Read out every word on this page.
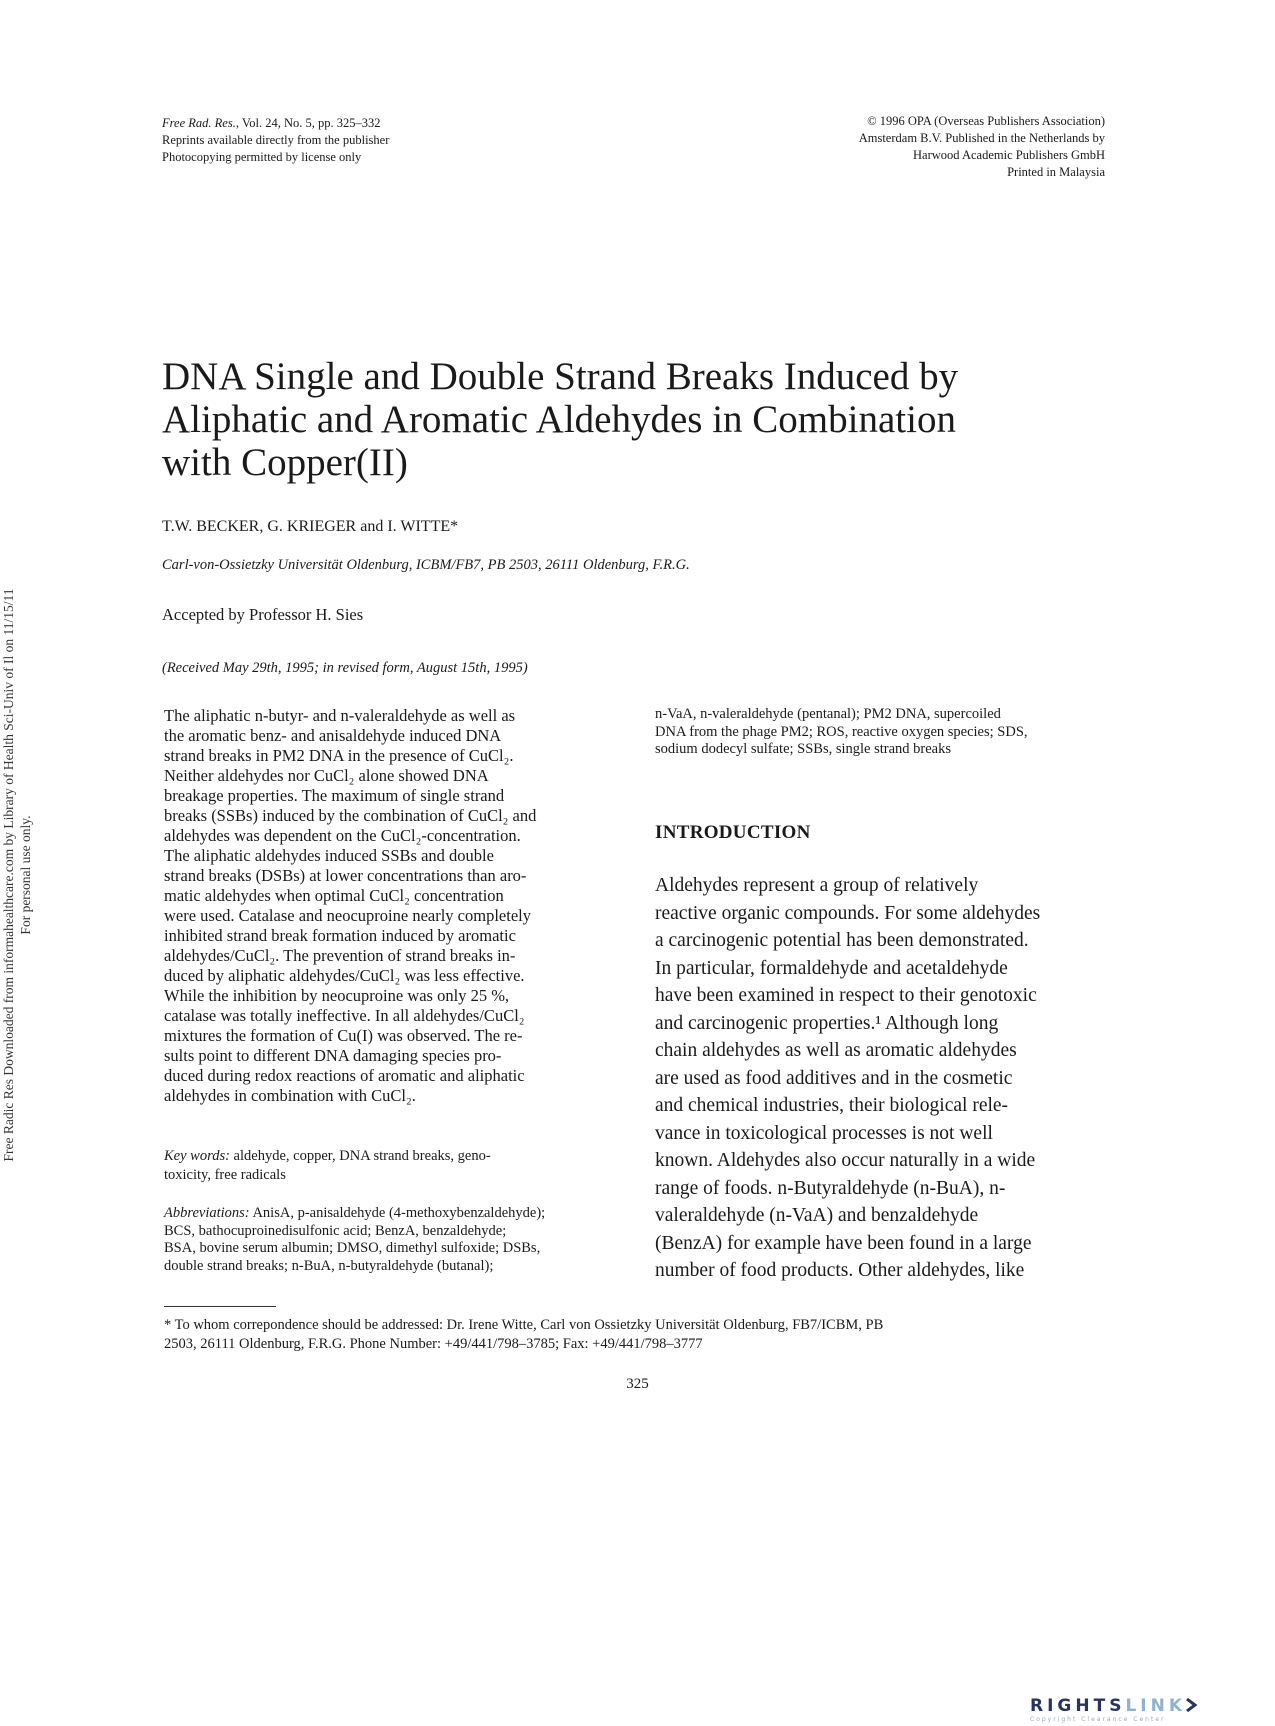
Free Radic Res Downloaded from informahealthcare.com by Library of Health Sci-Univ of Il on 11/15/11 For personal use only.
Free Rad. Res., Vol. 24, No. 5, pp. 325–332
Reprints available directly from the publisher
Photocopying permitted by license only
© 1996 OPA (Overseas Publishers Association)
Amsterdam B.V. Published in the Netherlands by
Harwood Academic Publishers GmbH
Printed in Malaysia
DNA Single and Double Strand Breaks Induced by
Aliphatic and Aromatic Aldehydes in Combination
with Copper(II)
T.W. BECKER, G. KRIEGER and I. WITTE*
Carl-von-Ossietzky Universität Oldenburg, ICBM/FB7, PB 2503, 26111 Oldenburg, F.R.G.
Accepted by Professor H. Sies
(Received May 29th, 1995; in revised form, August 15th, 1995)
The aliphatic n-butyr- and n-valeraldehyde as well as
the aromatic benz- and anisaldehyde induced DNA
strand breaks in PM2 DNA in the presence of CuCl₂.
Neither aldehydes nor CuCl₂ alone showed DNA
breakage properties. The maximum of single strand
breaks (SSBs) induced by the combination of CuCl₂ and
aldehydes was dependent on the CuCl₂-concentration.
The aliphatic aldehydes induced SSBs and double
strand breaks (DSBs) at lower concentrations than aro-
matic aldehydes when optimal CuCl₂ concentration
were used. Catalase and neocuproine nearly completely
inhibited strand break formation induced by aromatic
aldehydes/CuCl₂. The prevention of strand breaks in-
duced by aliphatic aldehydes/CuCl₂ was less effective.
While the inhibition by neocuproine was only 25 %,
catalase was totally ineffective. In all aldehydes/CuCl₂
mixtures the formation of Cu(I) was observed. The re-
sults point to different DNA damaging species pro-
duced during redox reactions of aromatic and aliphatic
aldehydes in combination with CuCl₂.
Key words: aldehyde, copper, DNA strand breaks, geno-
toxicity, free radicals
Abbreviations: AnisA, p-anisaldehyde (4-methoxybenzaldehyde);
BCS, bathocuproinedisulfonic acid; BenzA, benzaldehyde;
BSA, bovine serum albumin; DMSO, dimethyl sulfoxide; DSBs,
double strand breaks; n-BuA, n-butyraldehyde (butanal);
n-VaA, n-valeraldehyde (pentanal); PM2 DNA, supercoiled
DNA from the phage PM2; ROS, reactive oxygen species; SDS,
sodium dodecyl sulfate; SSBs, single strand breaks
INTRODUCTION
Aldehydes represent a group of relatively
reactive organic compounds. For some aldehydes
a carcinogenic potential has been demonstrated.
In particular, formaldehyde and acetaldehyde
have been examined in respect to their genotoxic
and carcinogenic properties.¹ Although long
chain aldehydes as well as aromatic aldehydes
are used as food additives and in the cosmetic
and chemical industries, their biological rele-
vance in toxicological processes is not well
known. Aldehydes also occur naturally in a wide
range of foods. n-Butyraldehyde (n-BuA), n-
valeraldehyde (n-VaA) and benzaldehyde
(BenzA) for example have been found in a large
number of food products. Other aldehydes, like
* To whom correpondence should be addressed: Dr. Irene Witte, Carl von Ossietzky Universität Oldenburg, FB7/ICBM, PB
2503, 26111 Oldenburg, F.R.G. Phone Number: +49/441/798–3785; Fax: +49/441/798–3777
325
RIGHTSLINK
Copyright Clearance Center
